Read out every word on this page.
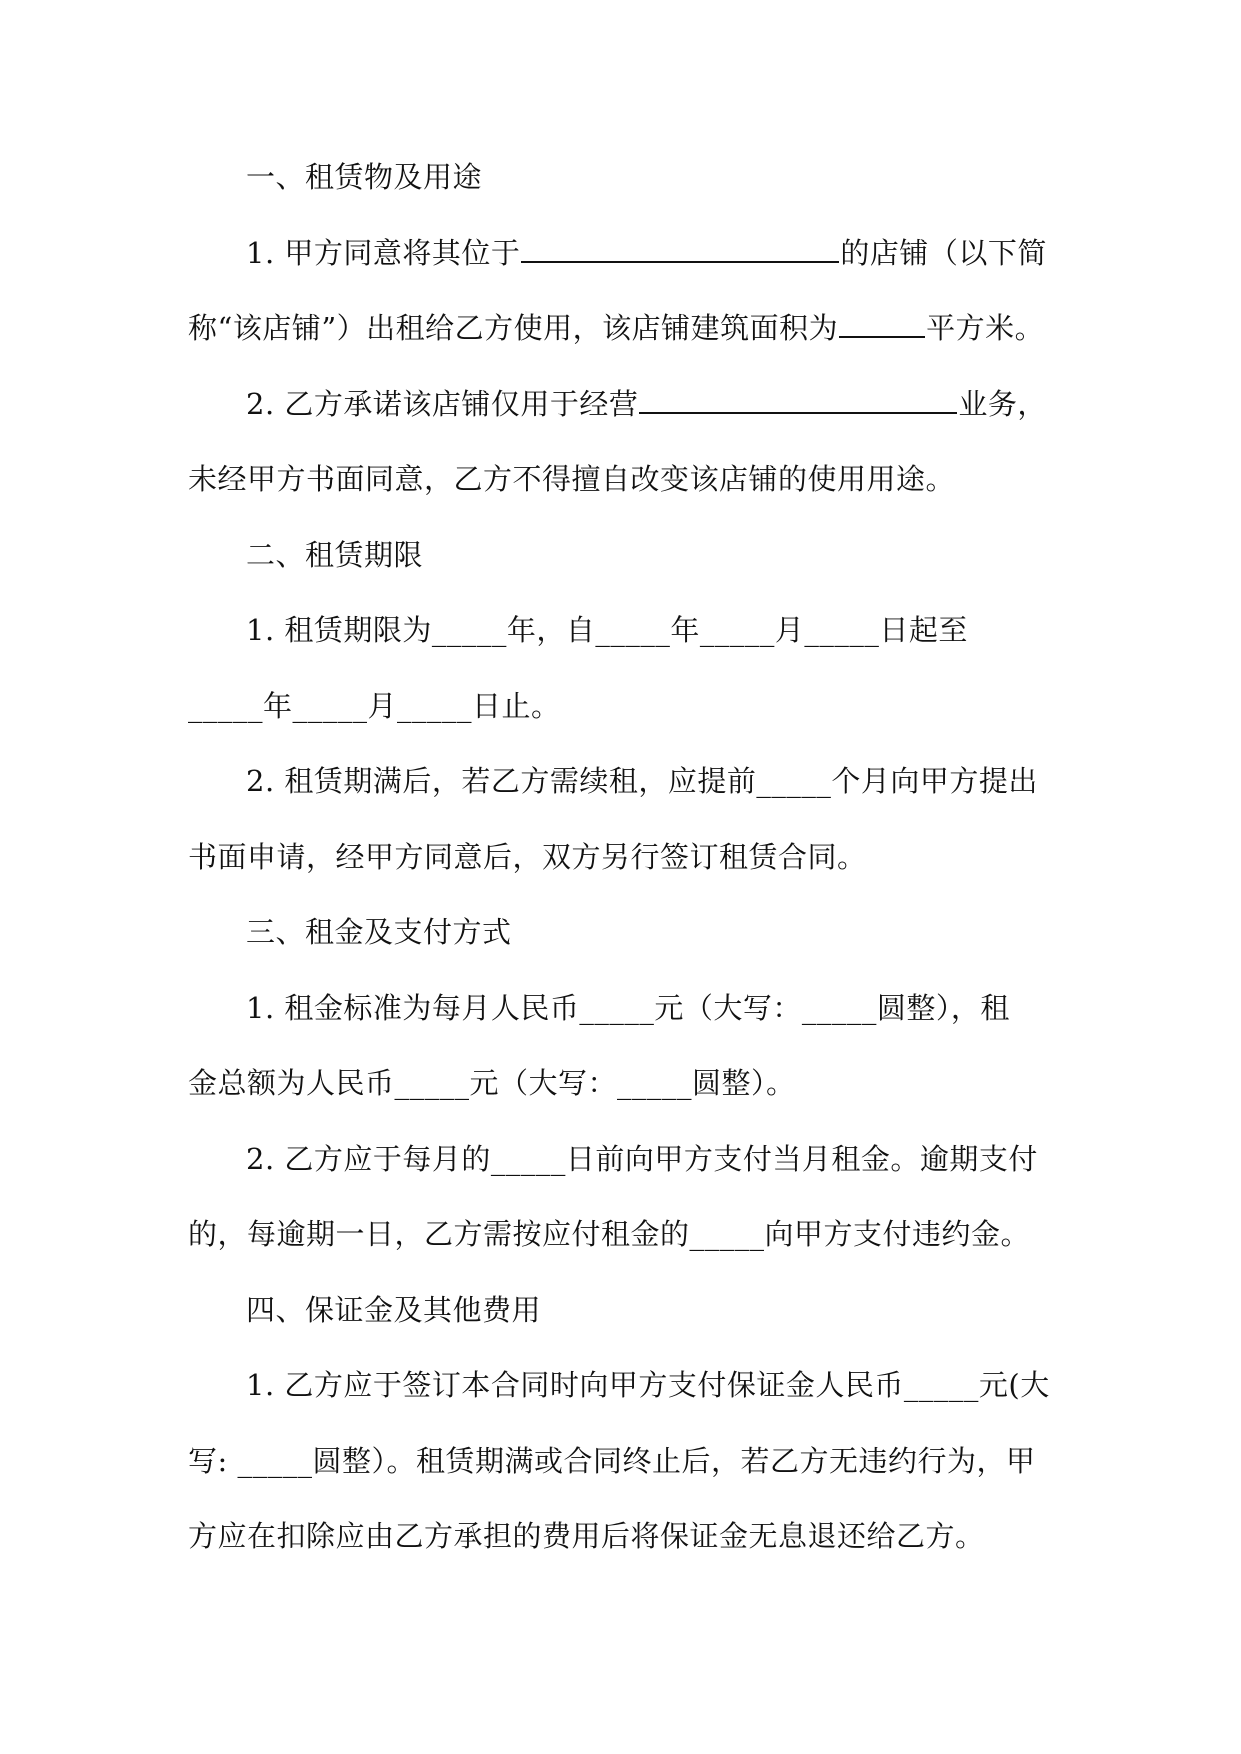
一、租赁物及用途
1. 甲方同意将其位于	的店铺（以下简
称“该店铺”）出租给乙方使用，该店铺建筑面积为	平方米。
2. 乙方承诺该店铺仅用于经营	业务，
未经甲方书面同意，乙方不得擅自改变该店铺的使用用途。
二、租赁期限
1. 租赁期限为_____年，自_____年_____月_____日起至
_____年_____月_____日止。
2. 租赁期满后，若乙方需续租，应提前_____个月向甲方提出
书面申请，经甲方同意后，双方另行签订租赁合同。
三、租金及支付方式
1. 租金标准为每月人民币_____元（大写：_____圆整），租
金总额为人民币_____元（大写：_____圆整）。
2. 乙方应于每月的_____日前向甲方支付当月租金。逾期支付
的，每逾期一日，乙方需按应付租金的_____向甲方支付违约金。
四、保证金及其他费用
1. 乙方应于签订本合同时向甲方支付保证金人民币_____元(大
写: _____圆整）。租赁期满或合同终止后，若乙方无违约行为，甲
方应在扣除应由乙方承担的费用后将保证金无息退还给乙方。
